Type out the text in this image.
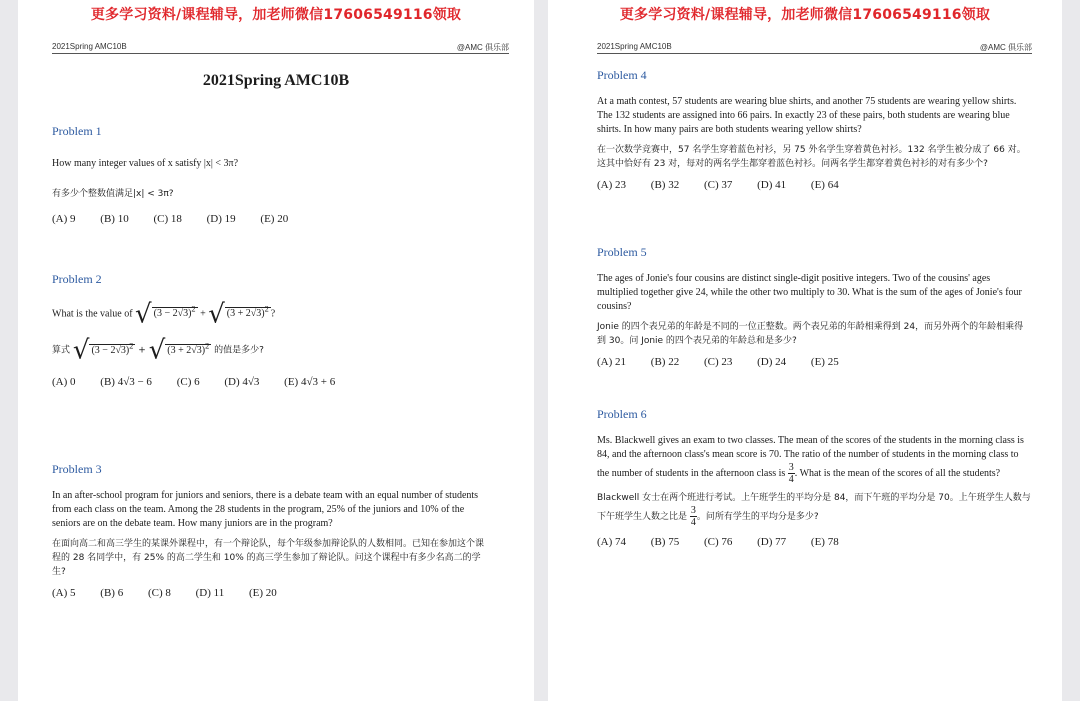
更多学习资料/课程辅导，加老师微信17606549116领取
2021Spring AMC10B	@AMC 俱乐部
2021Spring AMC10B
Problem 1

How many integer values of x satisfy |x| < 3π?

有多少个整数值满足|x| < 3π?

(A) 9 (B) 10 (C) 18 (D) 19 (E) 20
Problem 2

What is the value of √ $(3 - 2√3)^2$ + √ $(3 + 2√3)^2$ ?

算式 √ $(3 - 2√3)^2$ + √ $(3 + 2√3)^2$ 的值是多少?

(A) 0 (B) 4√3 − 6 (C) 6 (D) 4√3 (E) 4√3 + 6
Problem 3

In an after-school program for juniors and seniors, there is a debate team with an equal number of students from each class on the team. Among the 28 students in the program, 25% of the juniors and 10% of the seniors are on the debate team. How many juniors are in the program?

在面向高二和高三学生的某课外课程中，有一个辩论队，每个年级参加辩论队的人数相同。已知在参加这个课程的 28 名同学中，有 25% 的高二学生和 10% 的高三学生参加了辩论队。问这个课程中有多少名高二的学生?

(A) 5 (B) 6 (C) 8 (D) 11 (E) 20
更多学习资料/课程辅导，加老师微信17606549116领取
2021Spring AMC10B	@AMC 俱乐部
Problem 4

At a math contest, 57 students are wearing blue shirts, and another 75 students are wearing yellow shirts. The 132 students are assigned into 66 pairs. In exactly 23 of these pairs, both students are wearing blue shirts. In how many pairs are both students wearing yellow shirts?

在一次数学竞赛中，57 名学生穿着蓝色衬衫，另 75 外名学生穿着黄色衬衫。132 名学生被分成了 66 对。这其中恰好有 23 对，每对的两名学生都穿着蓝色衬衫。问两名学生都穿着黄色衬衫的对有多少个?

(A) 23 (B) 32 (C) 37 (D) 41 (E) 64
Problem 5

The ages of Jonie's four cousins are distinct single-digit positive integers. Two of the cousins' ages multiplied together give 24, while the other two multiply to 30. What is the sum of the ages of Jonie's four cousins?

Jonie 的四个表兄弟的年龄是不同的一位正整数。两个表兄弟的年龄相乘得到 24，而另外两个的年龄相乘得到 30。问 Jonie 的四个表兄弟的年龄总和是多少?

(A) 21 (B) 22 (C) 23 (D) 24 (E) 25
Problem 6

Ms. Blackwell gives an exam to two classes. The mean of the scores of the students in the morning class is 84, and the afternoon class's mean score is 70. The ratio of the number of students in the morning class to the number of students in the afternoon class is $\frac{3}{4}$. What is the mean of the scores of all the students?

Blackwell 女士在两个班进行考试。上午班学生的平均分是 84，而下午班的平均分是 70。上午班学生人数与下午班学生人数之比是 $\frac{3}{4}$。问所有学生的平均分是多少?

(A) 74 (B) 75 (C) 76 (D) 77 (E) 78
